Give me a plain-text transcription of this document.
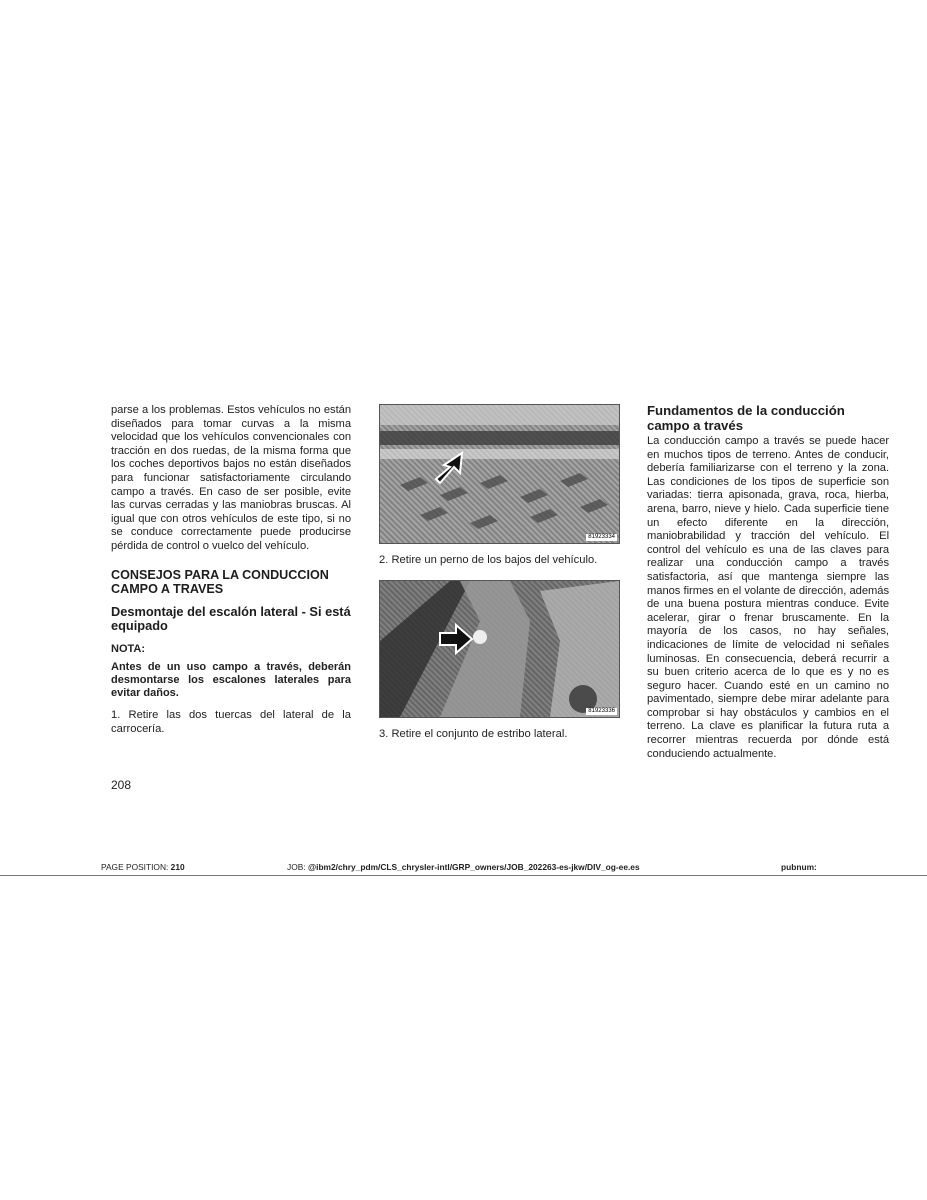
parse a los problemas. Estos vehículos no están diseñados para tomar curvas a la misma velocidad que los vehículos convencionales con tracción en dos ruedas, de la misma forma que los coches deportivos bajos no están diseñados para funcionar satisfactoriamente circulando campo a través. En caso de ser posible, evite las curvas cerradas y las maniobras bruscas. Al igual que con otros vehículos de este tipo, si no se conduce correctamente puede producirse pérdida de control o vuelco del vehículo.

CONSEJOS PARA LA CONDUCCION CAMPO A TRAVES
Desmontaje del escalón lateral - Si está equipado
NOTA:

Antes de un uso campo a través, deberán desmontarse los escalones laterales para evitar daños.

1. Retire las dos tuercas del lateral de la carrocería.

81923334
2. Retire un perno de los bajos del vehículo.
81923336
3. Retire el conjunto de estribo lateral.
Fundamentos de la conducción campo a través

La conducción campo a través se puede hacer en muchos tipos de terreno. Antes de conducir, debería familiarizarse con el terreno y la zona. Las condiciones de los tipos de superficie son variadas: tierra apisonada, grava, roca, hierba, arena, barro, nieve y hielo. Cada superficie tiene un efecto diferente en la dirección, maniobrabilidad y tracción del vehículo. El control del vehículo es una de las claves para realizar una conducción campo a través satisfactoria, así que mantenga siempre las manos firmes en el volante de dirección, además de una buena postura mientras conduce. Evite acelerar, girar o frenar bruscamente. En la mayoría de los casos, no hay señales, indicaciones de límite de velocidad ni señales luminosas. En consecuencia, deberá recurrir a su buen criterio acerca de lo que es y no es seguro hacer. Cuando esté en un camino no pavimentado, siempre debe mirar adelante para comprobar si hay obstáculos y cambios en el terreno. La clave es planificar la futura ruta a recorrer mientras recuerda por dónde está conduciendo actualmente.

208
PAGE POSITION: 210	JOB: @ibm2/chry_pdm/CLS_chrysler-intl/GRP_owners/JOB_202263-es-jkw/DIV_og-ee.es	pubnum:
